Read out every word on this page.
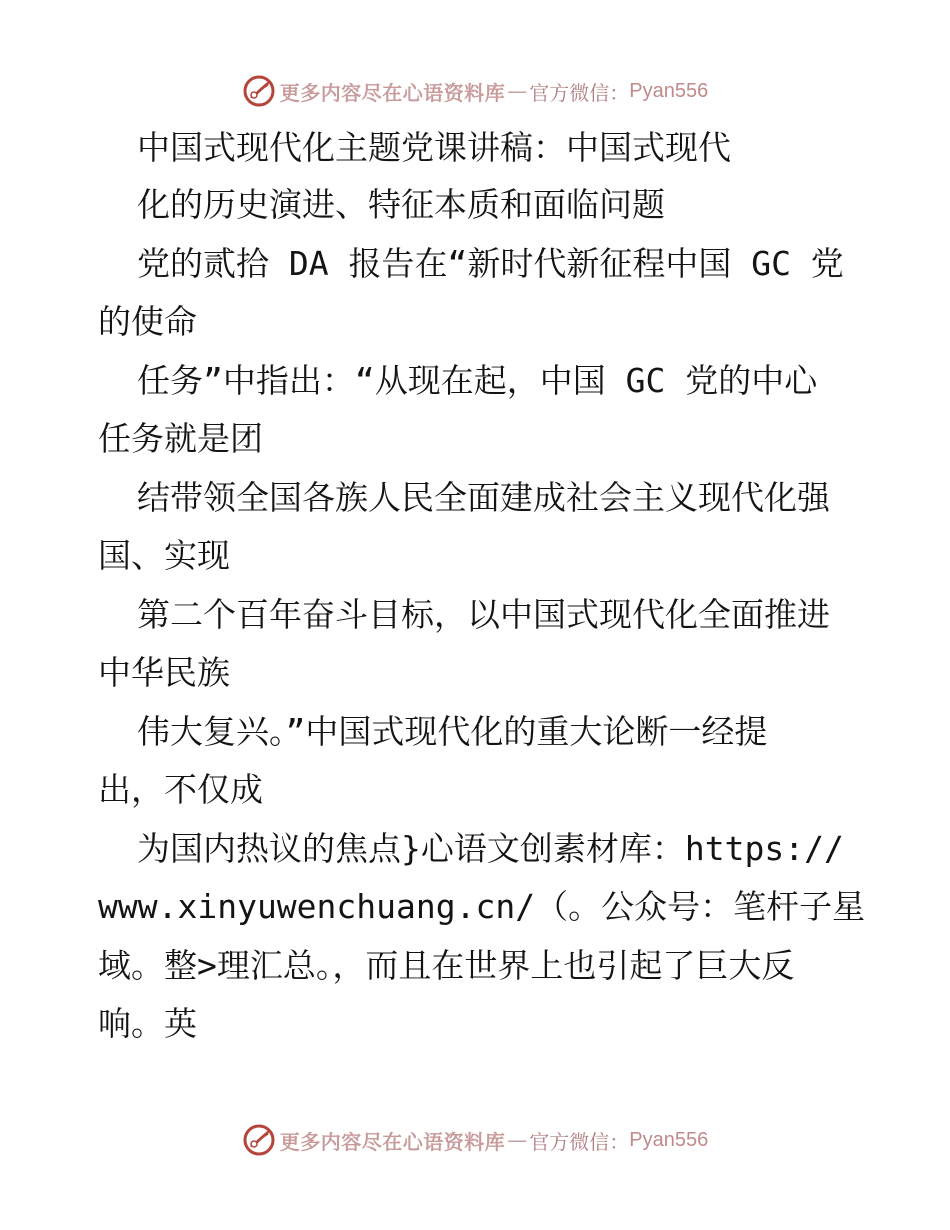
更多内容尽在心语资料库 — 官方微信： Pyan556
中国式现代化主题党课讲稿：中国式现代
化的历史演进、特征本质和面临问题
党的贰拾 DA 报告在“新时代新征程中国 GC 党
的使命
任务”中指出：“从现在起，中国 GC 党的中心
任务就是团
结带领全国各族人民全面建成社会主义现代化强
国、实现
第二个百年奋斗目标，以中国式现代化全面推进
中华民族
伟大复兴。”中国式现代化的重大论断一经提
出，不仅成
为国内热议的焦点}心语文创素材库：https://
www.xinyuwenchuang.cn/（。公众号：笔杆子星
域。整>理汇总。，而且在世界上也引起了巨大反
响。英
更多内容尽在心语资料库 — 官方微信： Pyan556
